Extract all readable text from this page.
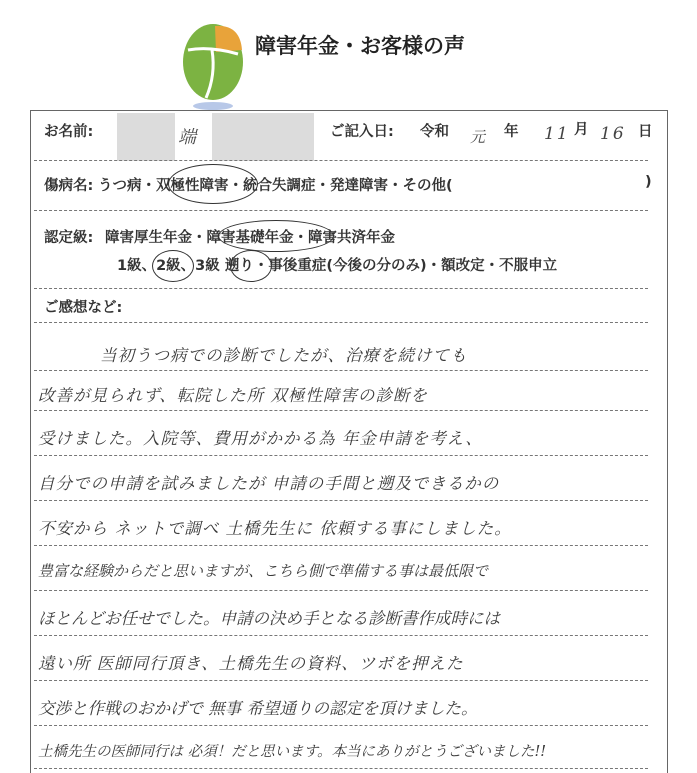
障害年金・お客様の声
お名前:	端	ご記入日: 令和 元 年 11 月 16 日
傷病名: うつ病・双極性障害・統合失調症・発達障害・その他(	)
認定級: 障害厚生年金・障害基礎年金・障害共済年金
1級、2級、3級 遡り・事後重症(今後の分のみ)・額改定・不服申立
ご感想など:
当初うつ病での診断でしたが、治療を続けても
改善が見られず、転院した所 双極性障害の診断を
受けました。入院等、費用がかかる為 年金申請を考え、
自分での申請を試みましたが 申請の手間と遡及できるかの
不安から ネットで調べ 土橋先生に 依頼する事にしました。
豊富な経験からだと思いますが、こちら側で準備する事は最低限で
ほとんどお任せでした。申請の決め手となる診断書作成時には
遠い所 医師同行頂き、土橋先生の資料、ツボを押えた
交渉と作戦のおかげで 無事 希望通りの認定を頂けました。
土橋先生の医師同行は 必須！だと思います。本当にありがとうございました!!
